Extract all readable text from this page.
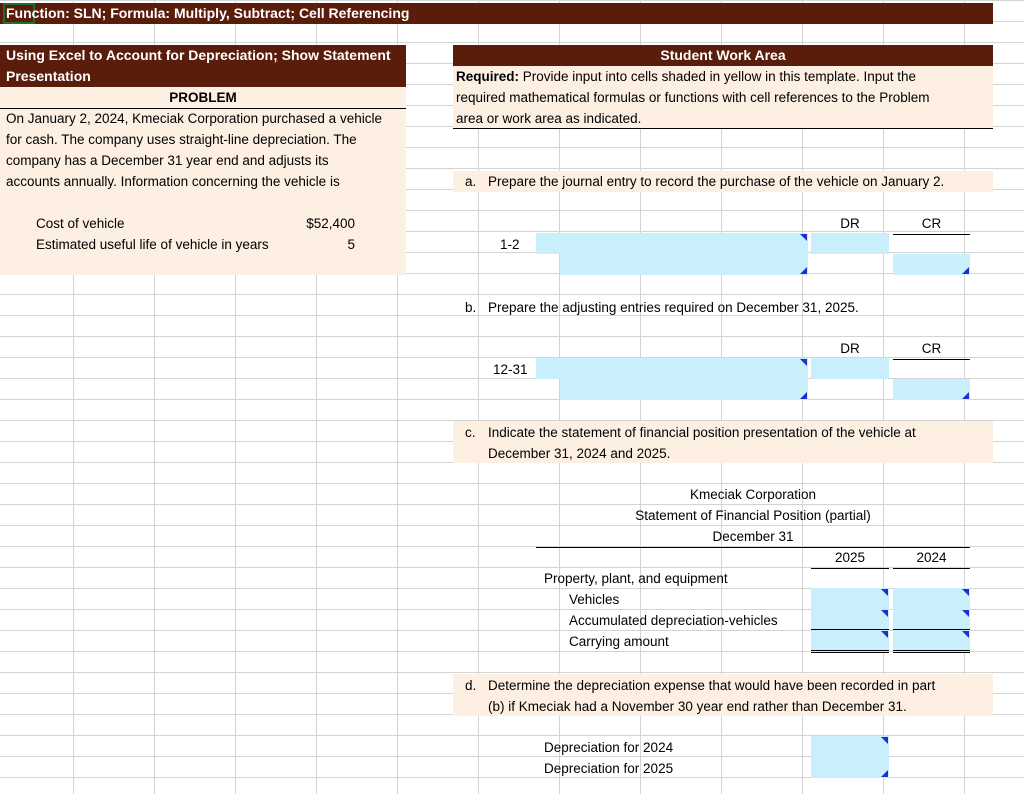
Function: SLN; Formula: Multiply, Subtract; Cell Referencing
Using Excel to Account for Depreciation; Show Statement
Presentation
PROBLEM
On January 2, 2024, Kmeciak Corporation purchased a vehicle
for cash. The company uses straight-line depreciation. The
company has a December 31 year end and adjusts its
accounts annually. Information concerning the vehicle is
Cost of vehicle	$52,400
Estimated useful life of vehicle in years	5
Student Work Area
Required: Provide input into cells shaded in yellow in this template. Input the
required mathematical formulas or functions with cell references to the Problem
area or work area as indicated.
a. Prepare the journal entry to record the purchase of the vehicle on January 2.
DR	CR
1-2
b. Prepare the adjusting entries required on December 31, 2025.
DR	CR
12-31
c. Indicate the statement of financial position presentation of the vehicle at
December 31, 2024 and 2025.
Kmeciak Corporation
Statement of Financial Position (partial)
December 31
2025	2024
Property, plant, and equipment
Vehicles
Accumulated depreciation-vehicles
Carrying amount
d. Determine the depreciation expense that would have been recorded in part
(b) if Kmeciak had a November 30 year end rather than December 31.
Depreciation for 2024
Depreciation for 2025
